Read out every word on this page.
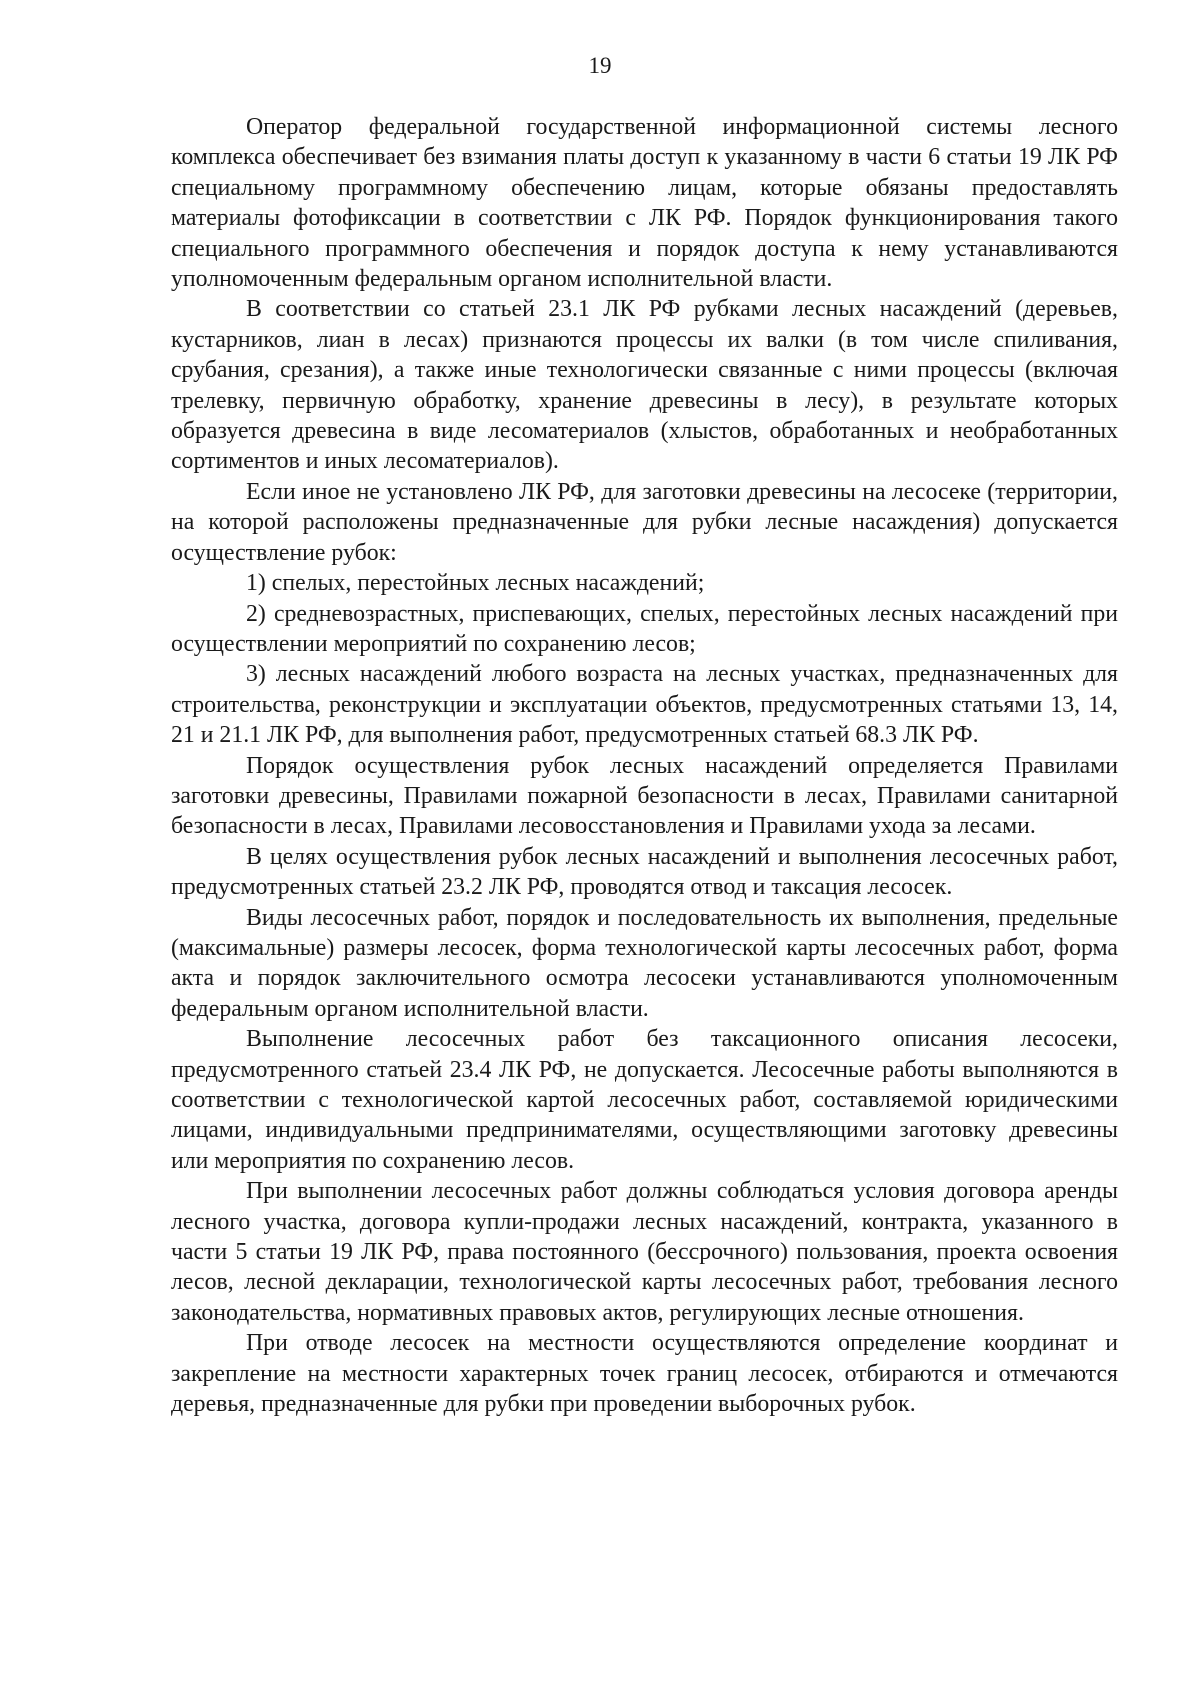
19

Оператор федеральной государственной информационной системы лесного комплекса обеспечивает без взимания платы доступ к указанному в части 6 статьи 19 ЛК РФ специальному программному обеспечению лицам, которые обязаны предоставлять материалы фотофиксации в соответствии с ЛК РФ. Порядок функционирования такого специального программного обеспечения и порядок доступа к нему устанавливаются уполномоченным федеральным органом исполнительной власти.

В соответствии со статьей 23.1 ЛК РФ рубками лесных насаждений (деревьев, кустарников, лиан в лесах) признаются процессы их валки (в том числе спиливания, срубания, срезания), а также иные технологически связанные с ними процессы (включая трелевку, первичную обработку, хранение древесины в лесу), в результате которых образуется древесина в виде лесоматериалов (хлыстов, обработанных и необработанных сортиментов и иных лесоматериалов).

Если иное не установлено ЛК РФ, для заготовки древесины на лесосеке (территории, на которой расположены предназначенные для рубки лесные насаждения) допускается осуществление рубок:

1) спелых, перестойных лесных насаждений;

2) средневозрастных, приспевающих, спелых, перестойных лесных насаждений при осуществлении мероприятий по сохранению лесов;

3) лесных насаждений любого возраста на лесных участках, предназначенных для строительства, реконструкции и эксплуатации объектов, предусмотренных статьями 13, 14, 21 и 21.1 ЛК РФ, для выполнения работ, предусмотренных статьей 68.3 ЛК РФ.

Порядок осуществления рубок лесных насаждений определяется Правилами заготовки древесины, Правилами пожарной безопасности в лесах, Правилами санитарной безопасности в лесах, Правилами лесовосстановления и Правилами ухода за лесами.

В целях осуществления рубок лесных насаждений и выполнения лесосечных работ, предусмотренных статьей 23.2 ЛК РФ, проводятся отвод и таксация лесосек.

Виды лесосечных работ, порядок и последовательность их выполнения, предельные (максимальные) размеры лесосек, форма технологической карты лесосечных работ, форма акта и порядок заключительного осмотра лесосеки устанавливаются уполномоченным федеральным органом исполнительной власти.

Выполнение лесосечных работ без таксационного описания лесосеки, предусмотренного статьей 23.4 ЛК РФ, не допускается. Лесосечные работы выполняются в соответствии с технологической картой лесосечных работ, составляемой юридическими лицами, индивидуальными предпринимателями, осуществляющими заготовку древесины или мероприятия по сохранению лесов.

При выполнении лесосечных работ должны соблюдаться условия договора аренды лесного участка, договора купли-продажи лесных насаждений, контракта, указанного в части 5 статьи 19 ЛК РФ, права постоянного (бессрочного) пользования, проекта освоения лесов, лесной декларации, технологической карты лесосечных работ, требования лесного законодательства, нормативных правовых актов, регулирующих лесные отношения.

При отводе лесосек на местности осуществляются определение координат и закрепление на местности характерных точек границ лесосек, отбираются и отмечаются деревья, предназначенные для рубки при проведении выборочных рубок.
